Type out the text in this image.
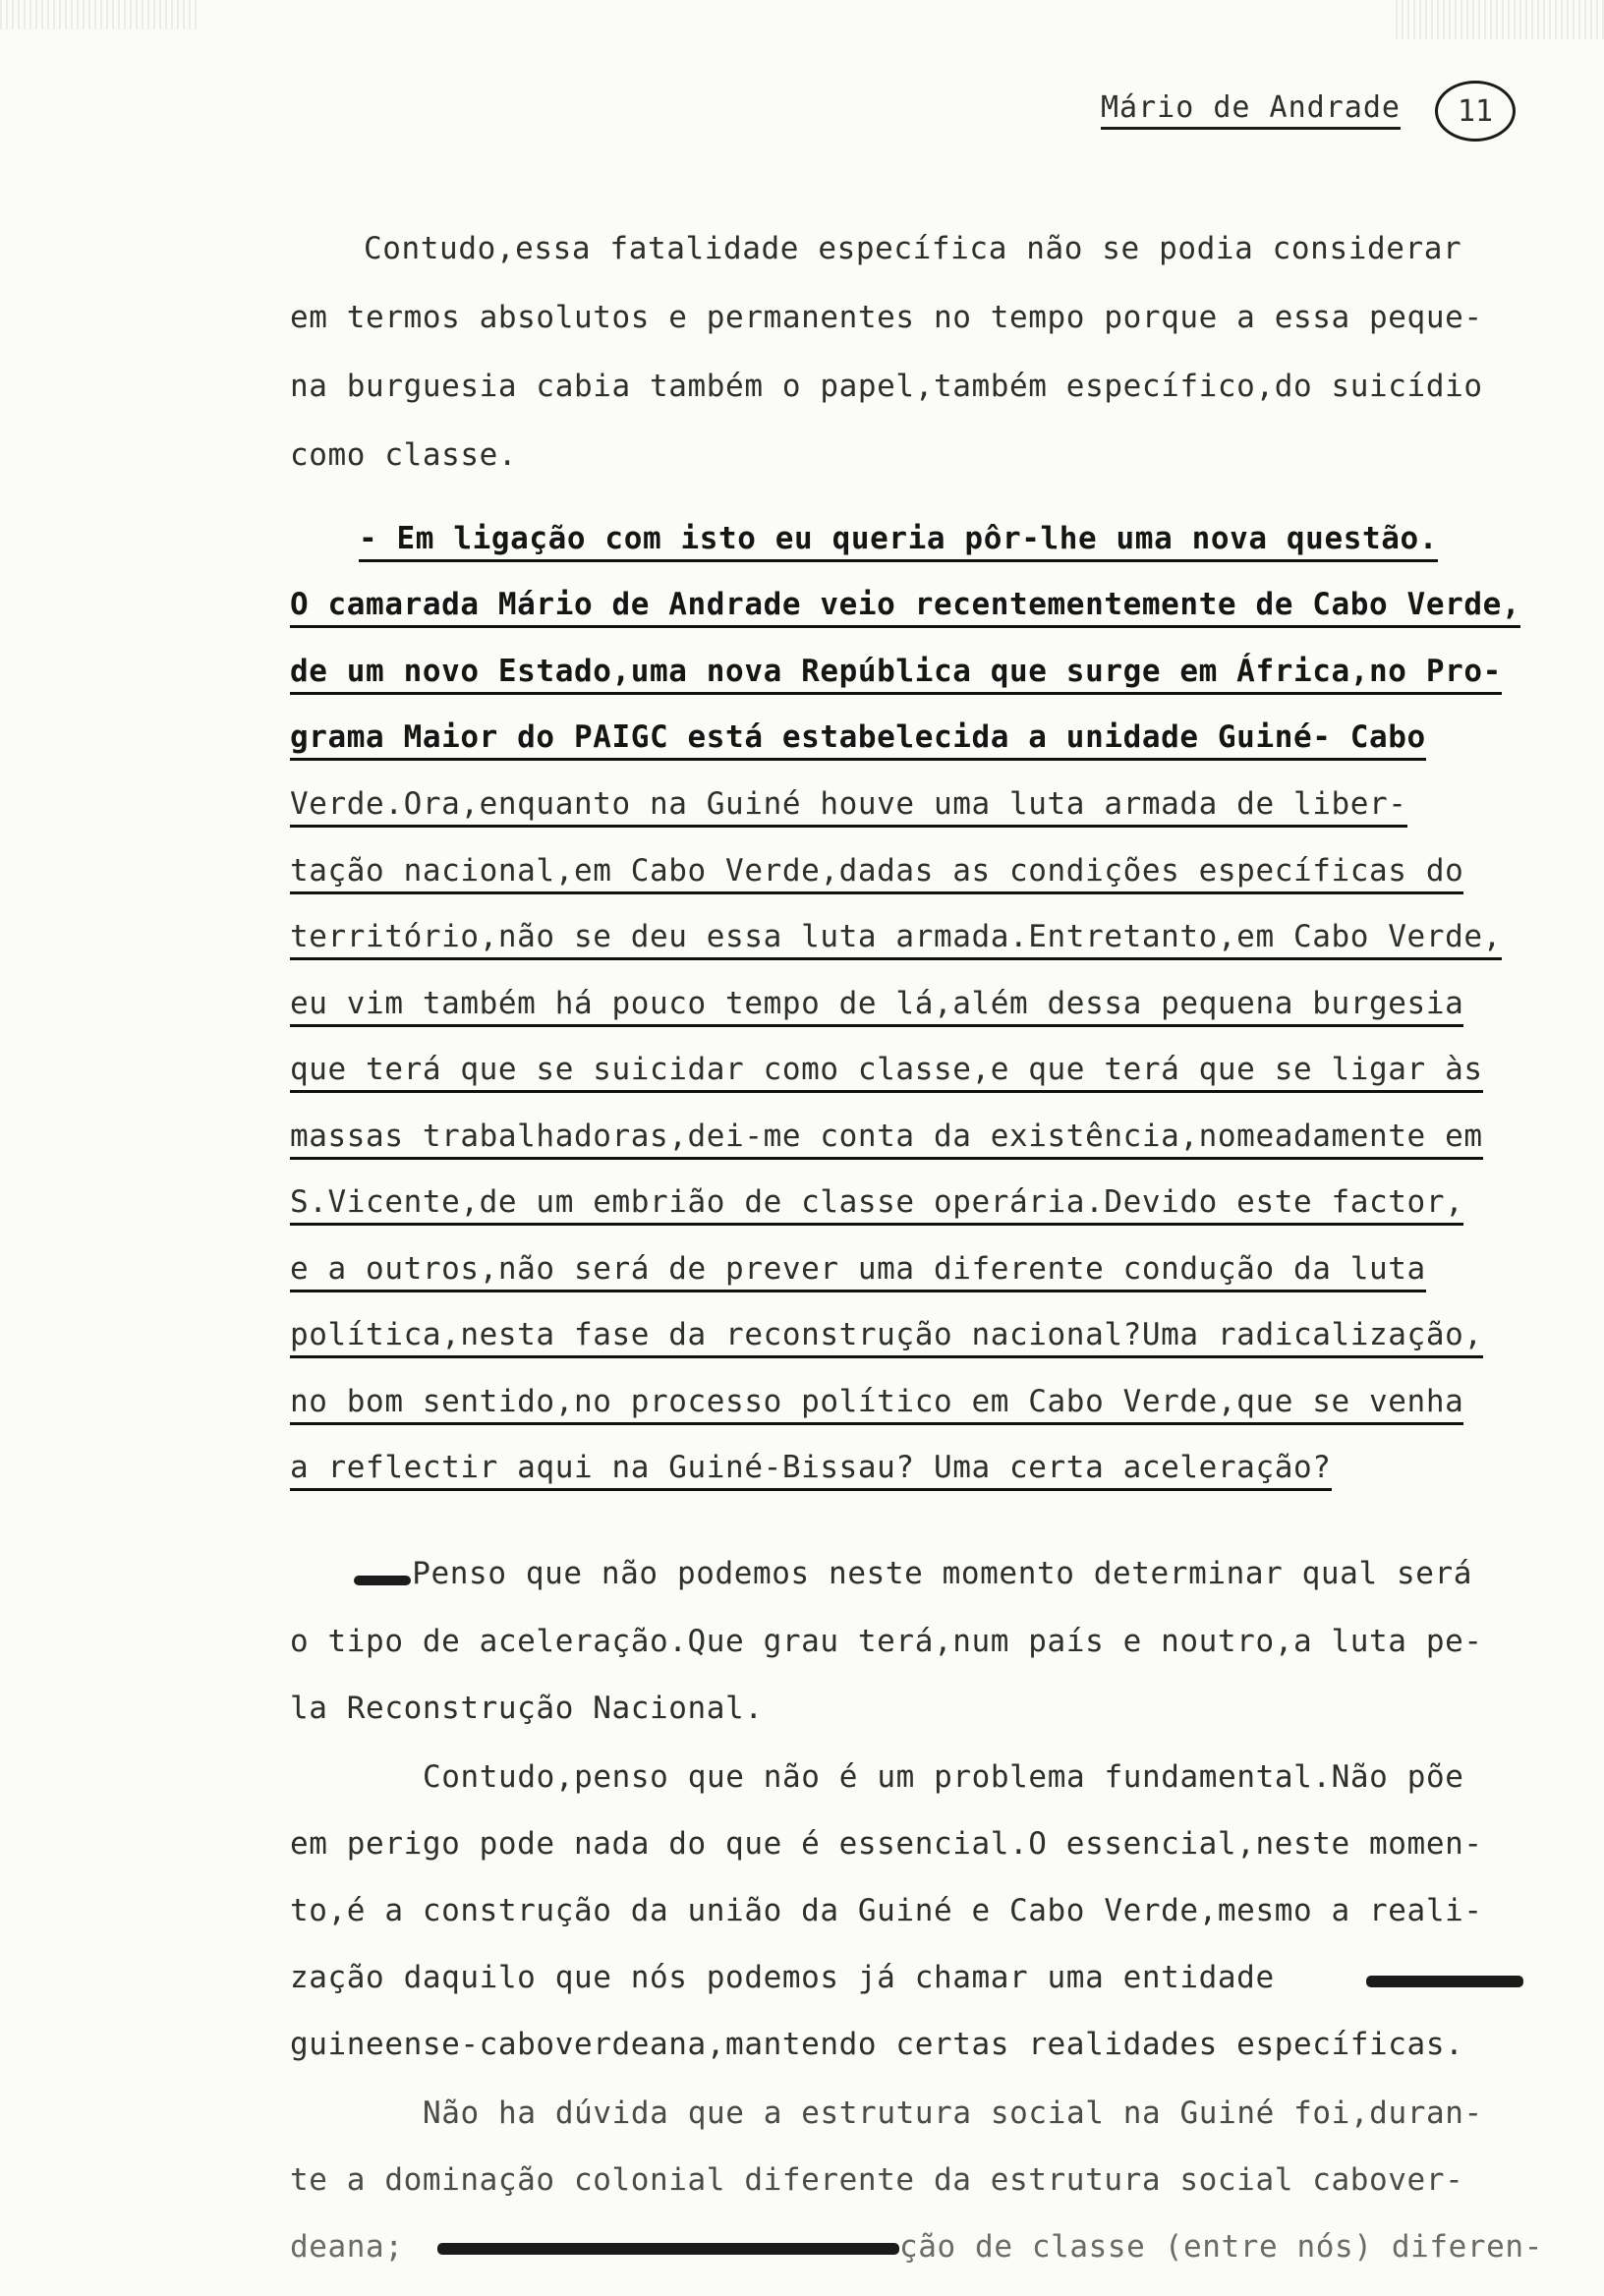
Mário de Andrade	11
Contudo,essa fatalidade específica não se podia considerar
em termos absolutos e permanentes no tempo porque a essa peque-
na burguesia cabia também o papel,também específico,do suicídio
como classe.
- Em ligação com isto eu queria pôr-lhe uma nova questão.
O camarada Mário de Andrade veio recentementemente de Cabo Verde,
de um novo Estado,uma nova República que surge em África,no Pro-
grama Maior do PAIGC está estabelecida a unidade Guiné- Cabo
Verde.Ora,enquanto na Guiné houve uma luta armada de liber-
tação nacional,em Cabo Verde,dadas as condições específicas do
território,não se deu essa luta armada.Entretanto,em Cabo Verde,
eu vim também há pouco tempo de lá,além dessa pequena burgesia
que terá que se suicidar como classe,e que terá que se ligar às
massas trabalhadoras,dei-me conta da existência,nomeadamente em
S.Vicente,de um embrião de classe operária.Devido este factor,
e a outros,não será de prever uma diferente condução da luta
política,nesta fase da reconstrução nacional?Uma radicalização,
no bom sentido,no processo político em Cabo Verde,que se venha
a reflectir aqui na Guiné-Bissau? Uma certa aceleração?
Penso que não podemos neste momento determinar qual será
o tipo de aceleração.Que grau terá,num país e noutro,a luta pe-
la Reconstrução Nacional.
Contudo,penso que não é um problema fundamental.Não põe
em perigo pode nada do que é essencial.O essencial,neste momen-
to,é a construção da união da Guiné e Cabo Verde,mesmo a reali-
zação daquilo que nós podemos já chamar uma entidade
guineense-caboverdeana,mantendo certas realidades específicas.
Não ha dúvida que a estrutura social na Guiné foi,duran-
te a dominação colonial diferente da estrutura social cabover-
deana;	ção de classe (entre nós) diferen-
